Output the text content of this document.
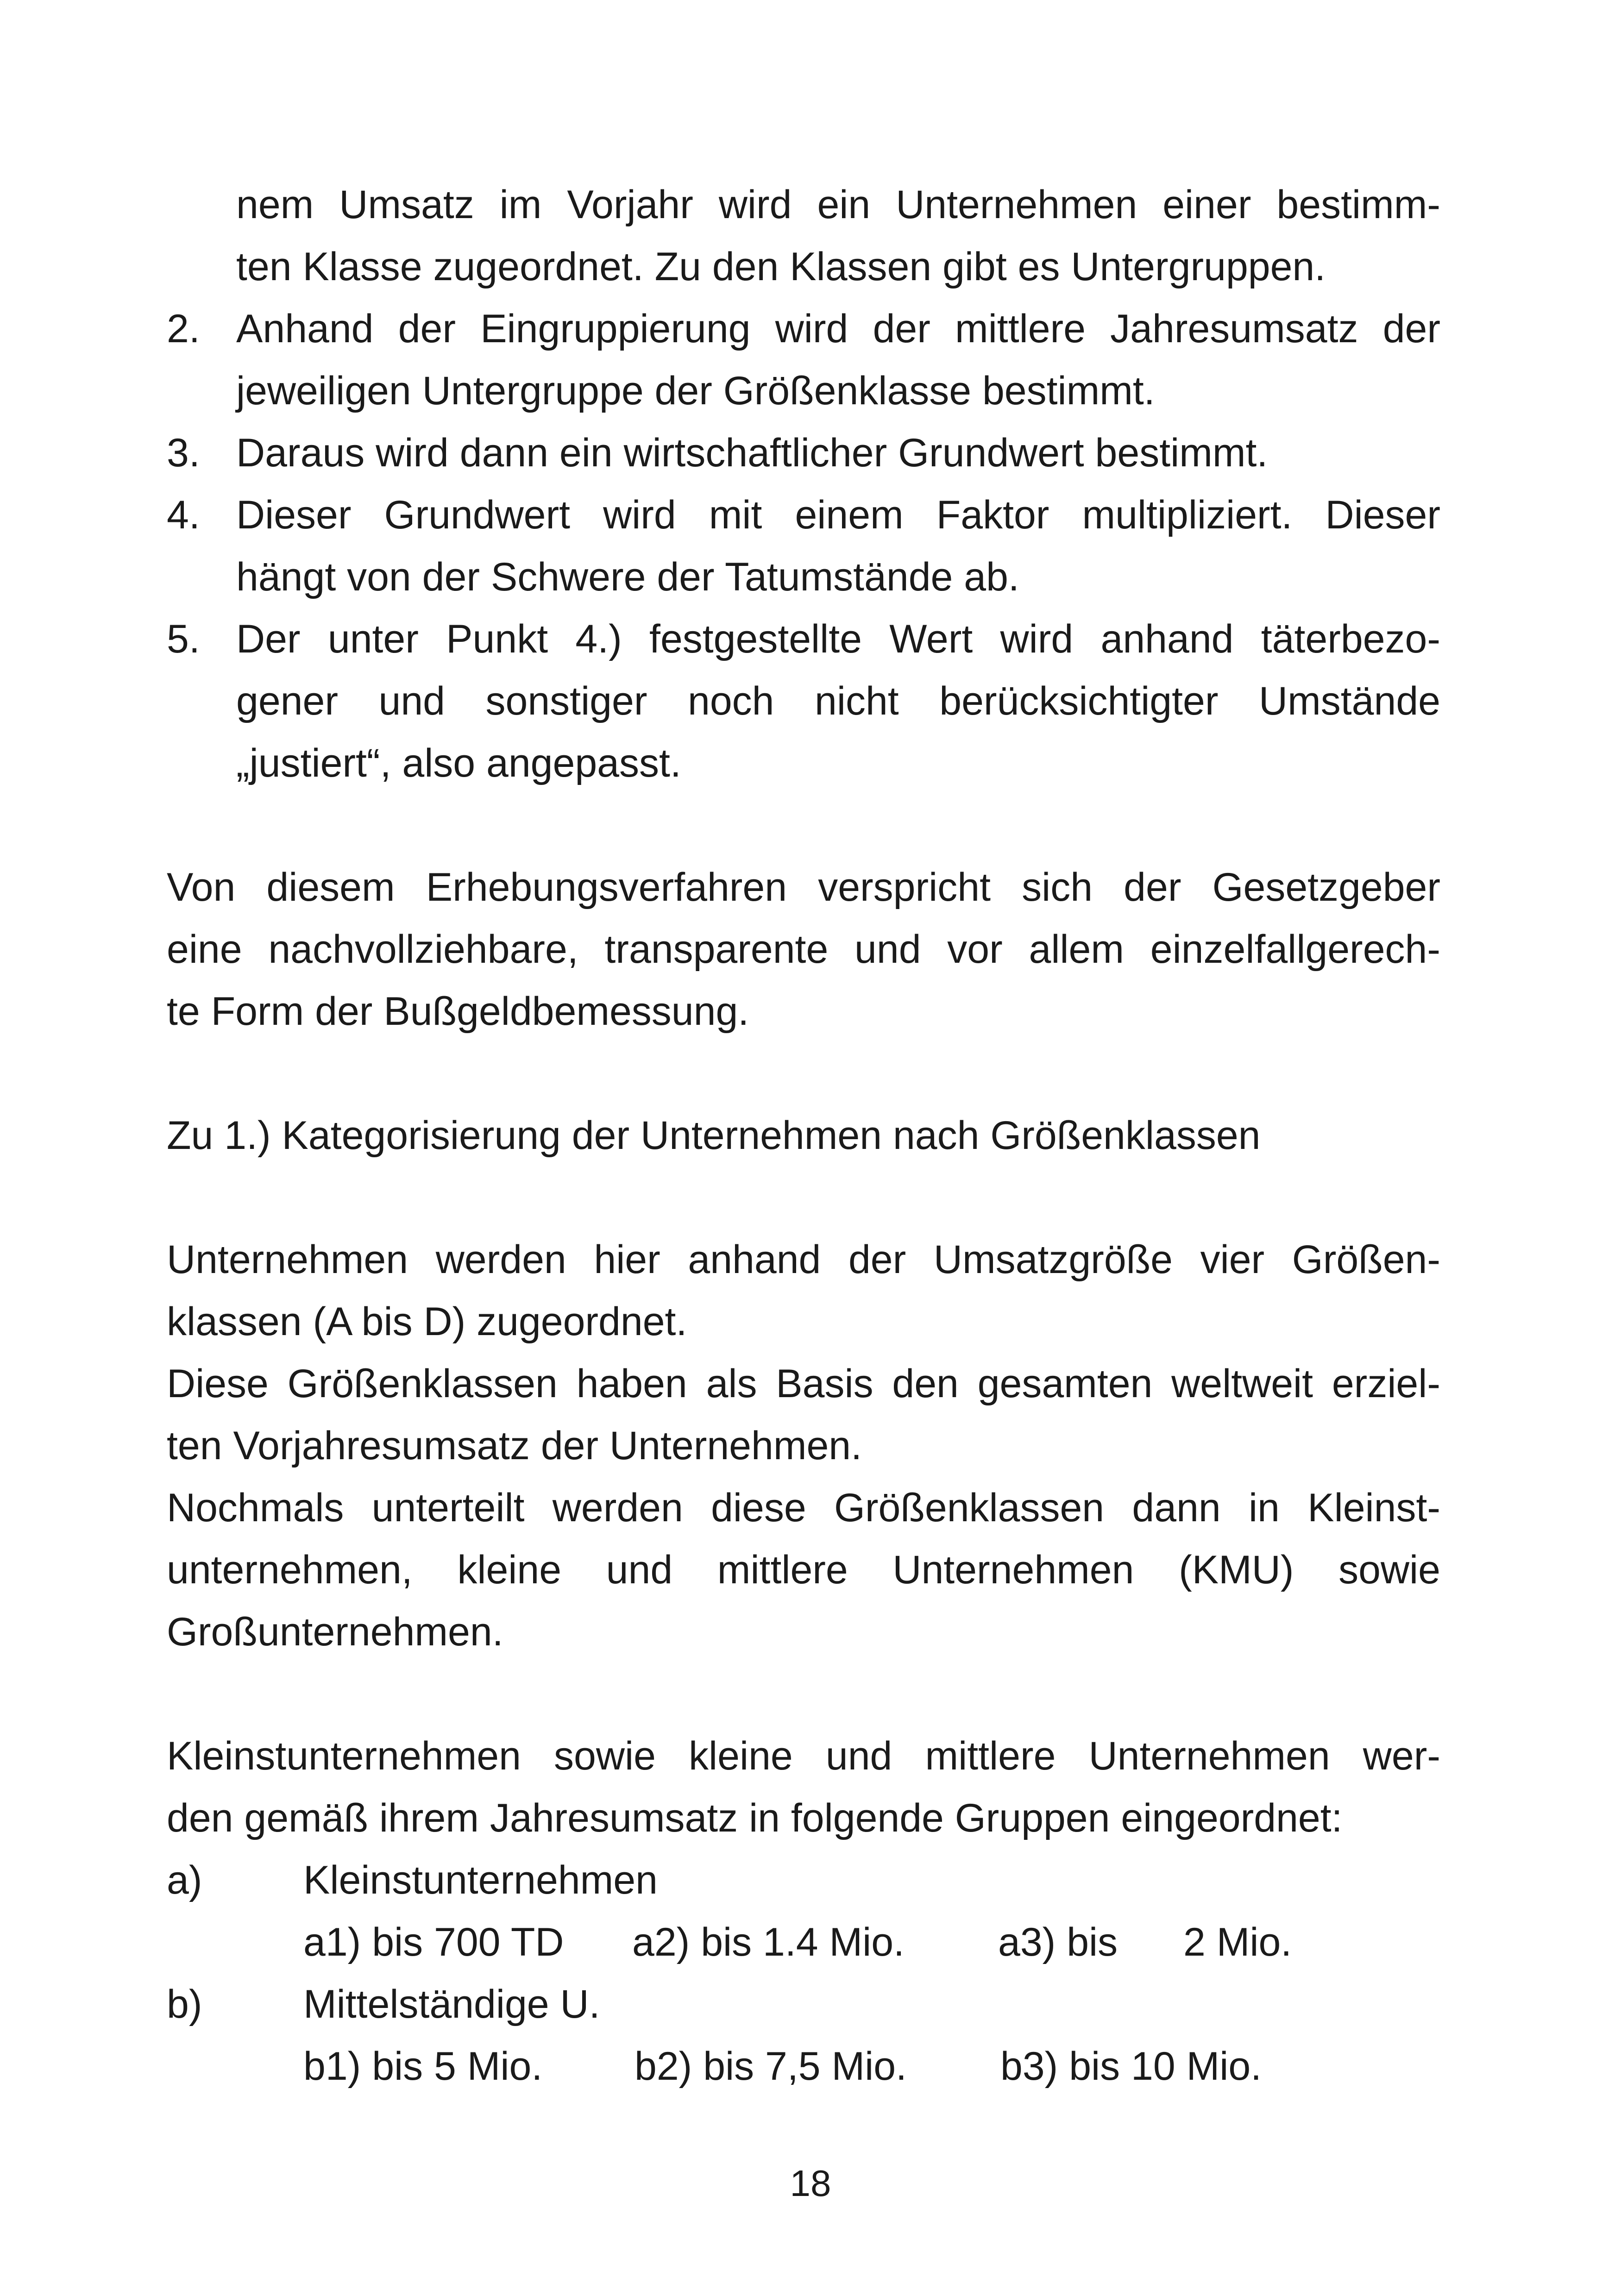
nem Umsatz im Vorjahr wird ein Unternehmen einer bestimm-
ten Klasse zugeordnet. Zu den Klassen gibt es Untergruppen.
2. Anhand der Eingruppierung wird der mittlere Jahresumsatz der
jeweiligen Untergruppe der Größenklasse bestimmt.
3. Daraus wird dann ein wirtschaftlicher Grundwert bestimmt.
4. Dieser Grundwert wird mit einem Faktor multipliziert. Dieser
hängt von der Schwere der Tatumstände ab.
5. Der unter Punkt 4.) festgestellte Wert wird anhand täterbezo-
gener und sonstiger noch nicht berücksichtigter Umstände
„justiert“, also angepasst.
Von diesem Erhebungsverfahren verspricht sich der Gesetzgeber
eine nachvollziehbare, transparente und vor allem einzelfallgerech-
te Form der Bußgeldbemessung.
Zu 1.) Kategorisierung der Unternehmen nach Größenklassen
Unternehmen werden hier anhand der Umsatzgröße vier Größen-
klassen (A bis D) zugeordnet.
Diese Größenklassen haben als Basis den gesamten weltweit erziel-
ten Vorjahresumsatz der Unternehmen.
Nochmals unterteilt werden diese Größenklassen dann in Kleinst-
unternehmen, kleine und mittlere Unternehmen (KMU) sowie
Großunternehmen.
Kleinstunternehmen sowie kleine und mittlere Unternehmen wer-
den gemäß ihrem Jahresumsatz in folgende Gruppen eingeordnet:
a)	Kleinstunternehmen
a1) bis 700 TD a2) bis 1.4 Mio. a3) bis 2 Mio.
b)	Mittelständige U.
b1) bis 5 Mio. b2) bis 7,5 Mio. b3) bis 10 Mio.
18
